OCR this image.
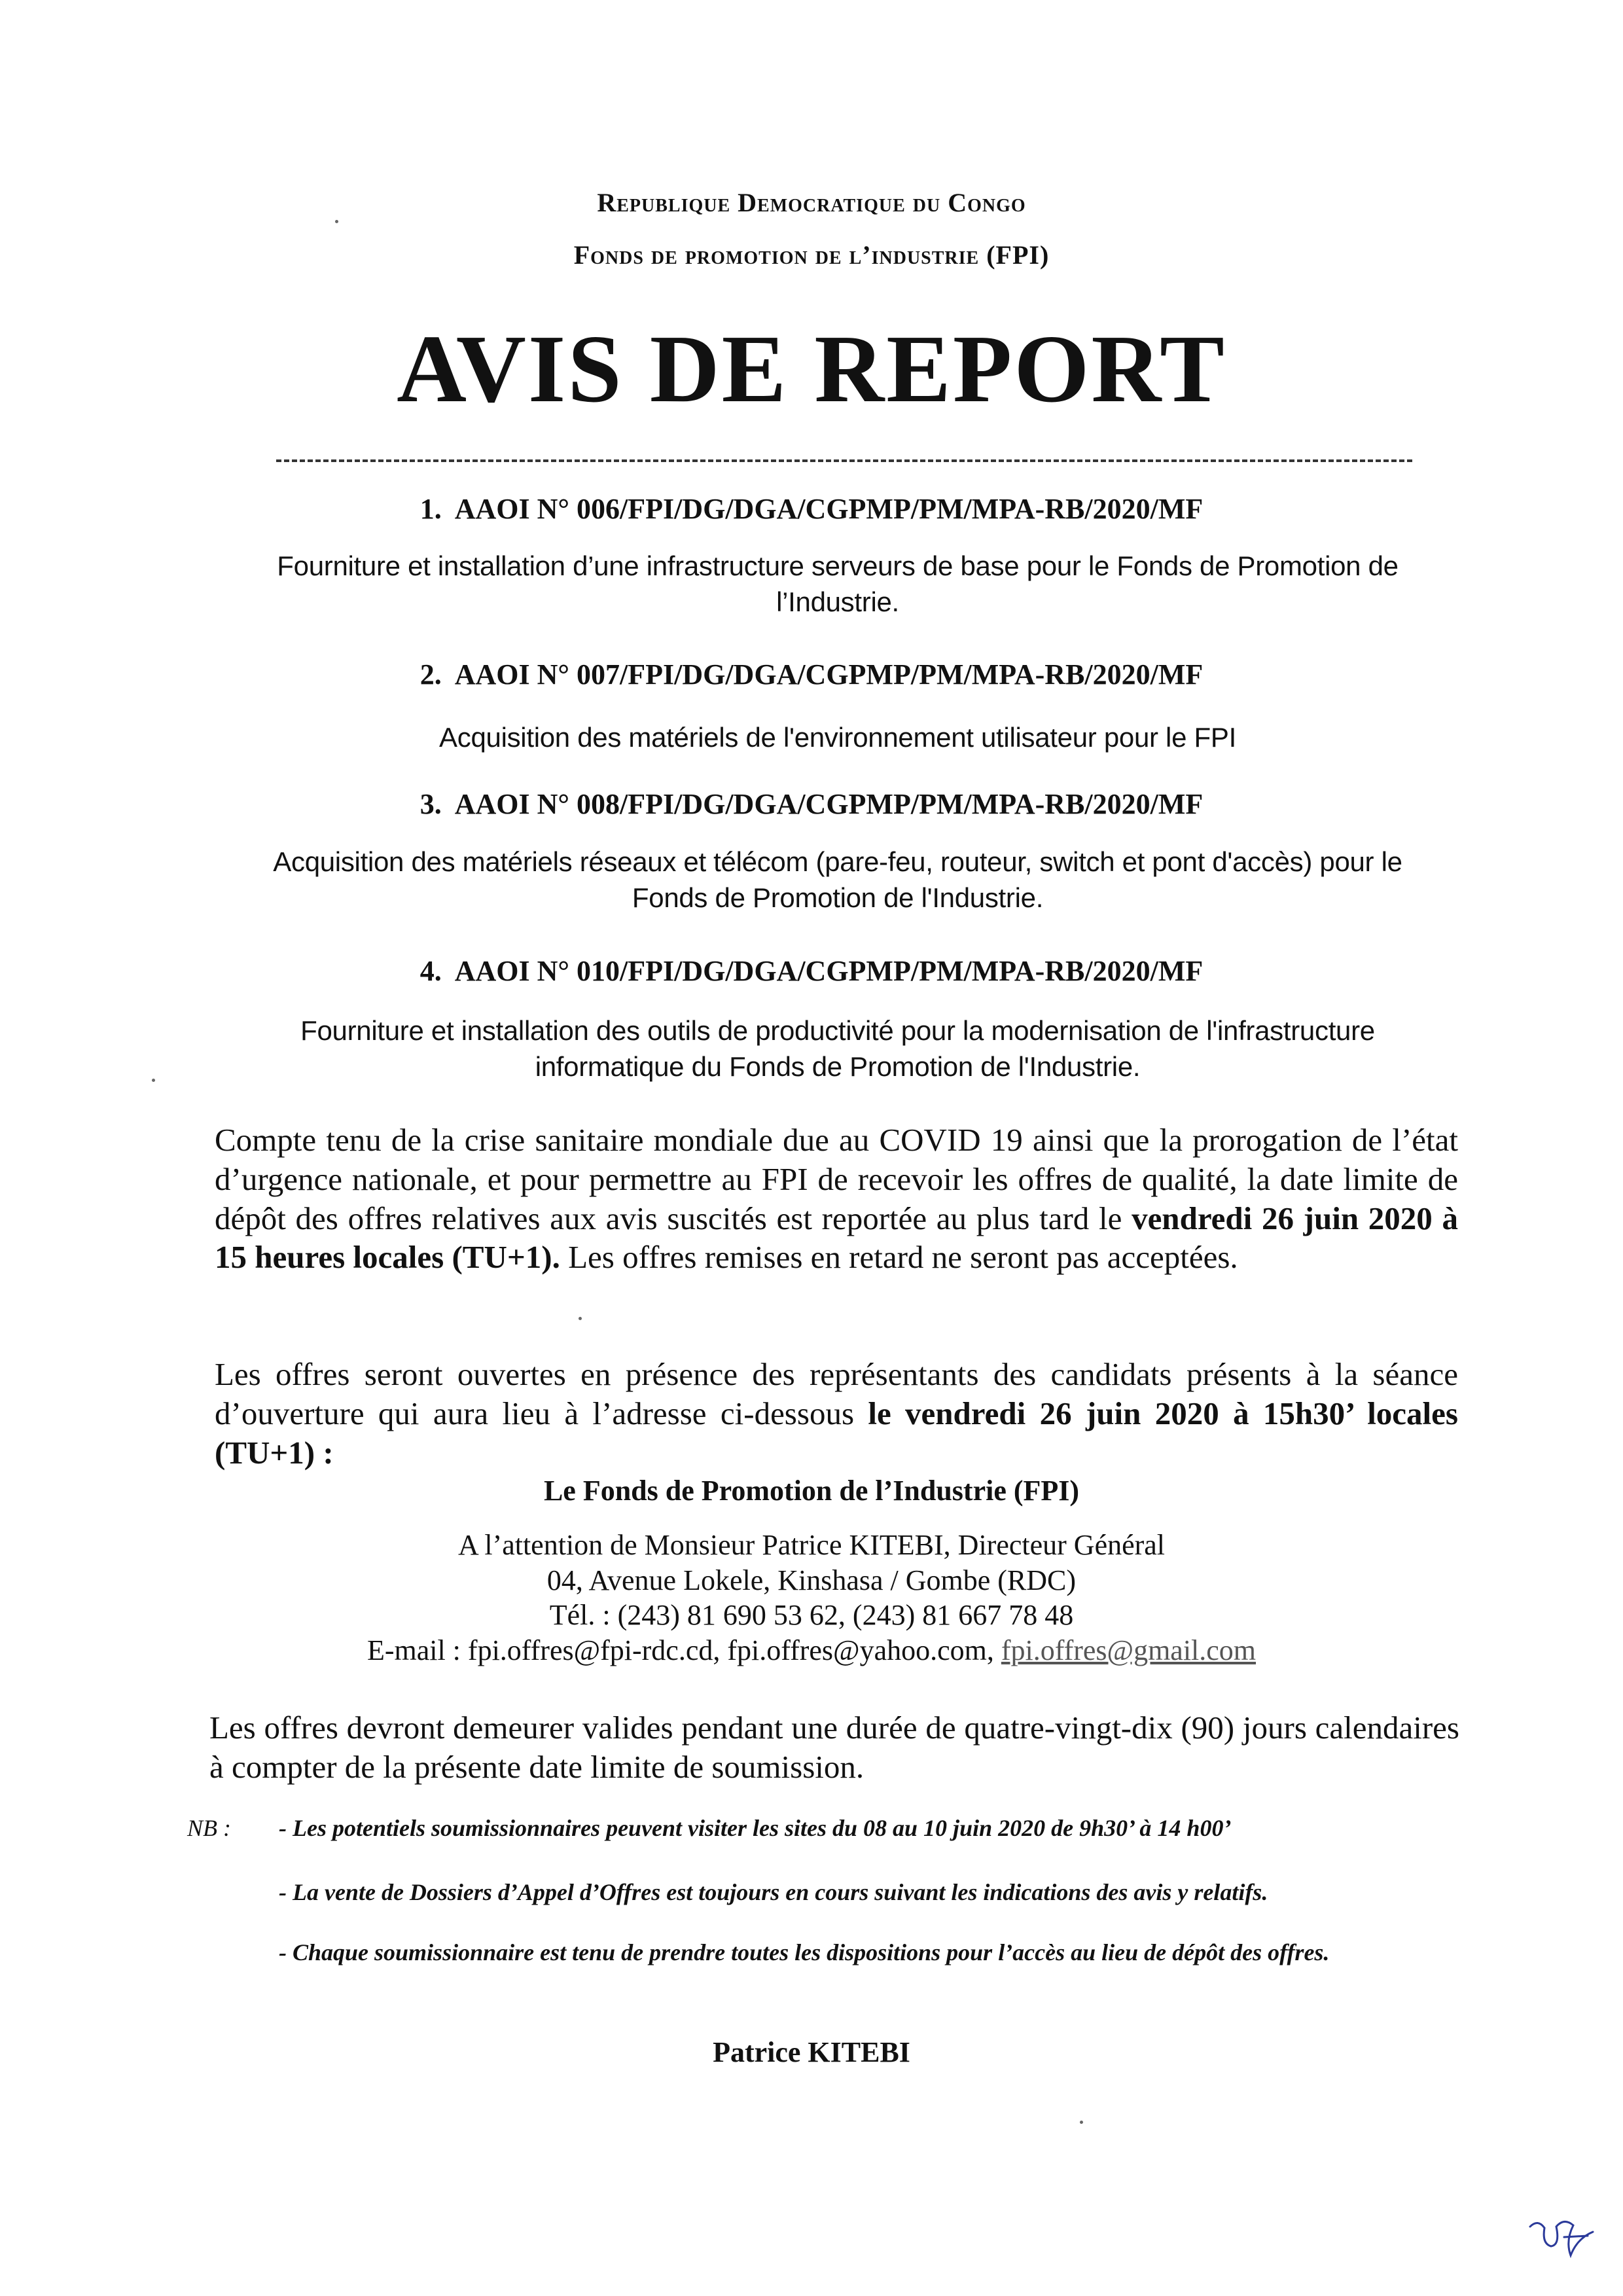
Republique Democratique du Congo
Fonds de promotion de l’industrie (FPI)
AVIS DE REPORT
1. AAOI N° 006/FPI/DG/DGA/CGPMP/PM/MPA-RB/2020/MF
Fourniture et installation d’une infrastructure serveurs de base pour le Fonds de Promotion de
l’Industrie.
2. AAOI N° 007/FPI/DG/DGA/CGPMP/PM/MPA-RB/2020/MF
Acquisition des matériels de l'environnement utilisateur pour le FPI
3. AAOI N° 008/FPI/DG/DGA/CGPMP/PM/MPA-RB/2020/MF
Acquisition des matériels réseaux et télécom (pare-feu, routeur, switch et pont d'accès) pour le
Fonds de Promotion de l'Industrie.
4. AAOI N° 010/FPI/DG/DGA/CGPMP/PM/MPA-RB/2020/MF
Fourniture et installation des outils de productivité pour la modernisation de l'infrastructure
informatique du Fonds de Promotion de l'Industrie.
Compte tenu de la crise sanitaire mondiale due au COVID 19 ainsi que la prorogation de l’état d’urgence nationale, et pour permettre au FPI de recevoir les offres de qualité, la date limite de dépôt des offres relatives aux avis suscités est reportée au plus tard le vendredi 26 juin 2020 à 15 heures locales (TU+1). Les offres remises en retard ne seront pas acceptées.
Les offres seront ouvertes en présence des représentants des candidats présents à la séance d’ouverture qui aura lieu à l’adresse ci-dessous le vendredi 26 juin 2020 à 15h30’ locales (TU+1) :
Le Fonds de Promotion de l’Industrie (FPI)
A l’attention de Monsieur Patrice KITEBI, Directeur Général
04, Avenue Lokele, Kinshasa / Gombe (RDC)
Tél. : (243) 81 690 53 62, (243) 81 667 78 48
E-mail : fpi.offres@fpi-rdc.cd, fpi.offres@yahoo.com, fpi.offres@gmail.com
Les offres devront demeurer valides pendant une durée de quatre-vingt-dix (90) jours calendaires à compter de la présente date limite de soumission.
NB : - Les potentiels soumissionnaires peuvent visiter les sites du 08 au 10 juin 2020 de 9h30’ à 14 h00’
- La vente de Dossiers d’Appel d’Offres est toujours en cours suivant les indications des avis y relatifs.
- Chaque soumissionnaire est tenu de prendre toutes les dispositions pour l’accès au lieu de dépôt des offres.
Patrice KITEBI
